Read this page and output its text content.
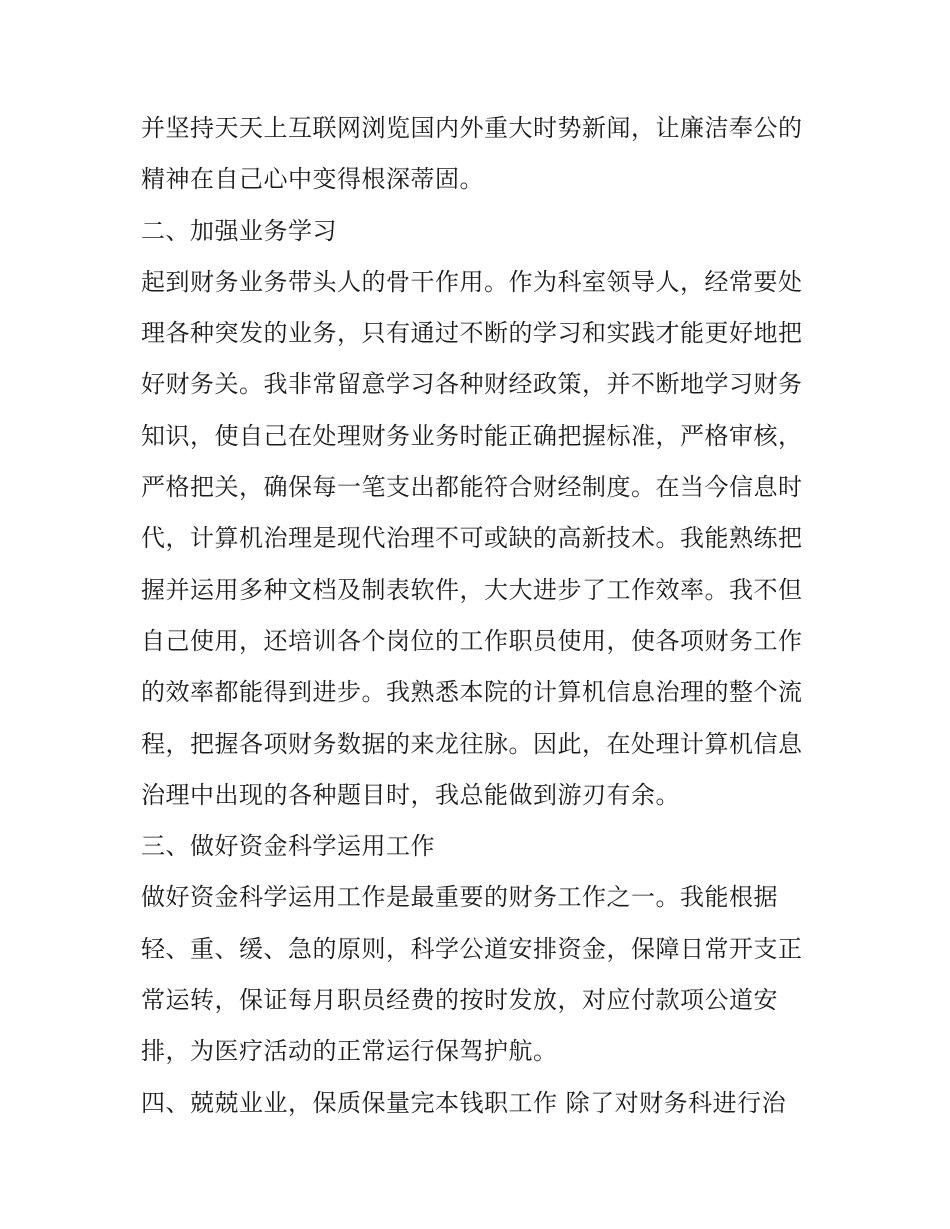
并坚持天天上互联网浏览国内外重大时势新闻，让廉洁奉公的
精神在自己心中变得根深蒂固。
二、加强业务学习
起到财务业务带头人的骨干作用。作为科室领导人，经常要处
理各种突发的业务，只有通过不断的学习和实践才能更好地把
好财务关。我非常留意学习各种财经政策，并不断地学习财务
知识，使自己在处理财务业务时能正确把握标准，严格审核，
严格把关，确保每一笔支出都能符合财经制度。在当今信息时
代，计算机治理是现代治理不可或缺的高新技术。我能熟练把
握并运用多种文档及制表软件，大大进步了工作效率。我不但
自己使用，还培训各个岗位的工作职员使用，使各项财务工作
的效率都能得到进步。我熟悉本院的计算机信息治理的整个流
程，把握各项财务数据的来龙往脉。因此，在处理计算机信息
治理中出现的各种题目时，我总能做到游刃有余。
三、做好资金科学运用工作
做好资金科学运用工作是最重要的财务工作之一。我能根据
轻、重、缓、急的原则，科学公道安排资金，保障日常开支正
常运转，保证每月职员经费的按时发放，对应付款项公道安
排，为医疗活动的正常运行保驾护航。
四、兢兢业业，保质保量完本钱职工作 除了对财务科进行治
